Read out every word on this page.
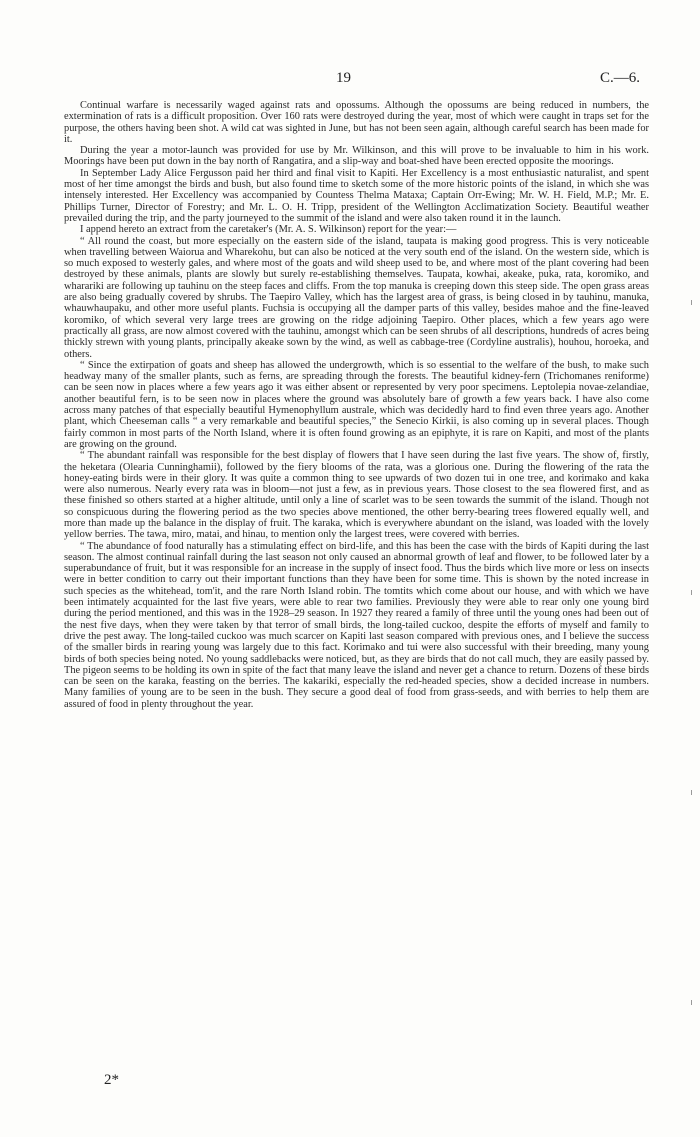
19	C.—6.

Continual warfare is necessarily waged against rats and opossums. Although the opossums are being reduced in numbers, the extermination of rats is a difficult proposition. Over 160 rats were destroyed during the year, most of which were caught in traps set for the purpose, the others having been shot. A wild cat was sighted in June, but has not been seen again, although careful search has been made for it.

During the year a motor-launch was provided for use by Mr. Wilkinson, and this will prove to be invaluable to him in his work. Moorings have been put down in the bay north of Rangatira, and a slip-way and boat-shed have been erected opposite the moorings.

In September Lady Alice Fergusson paid her third and final visit to Kapiti. Her Excellency is a most enthusiastic naturalist, and spent most of her time amongst the birds and bush, but also found time to sketch some of the more historic points of the island, in which she was intensely interested. Her Excellency was accompanied by Countess Thelma Mataxa; Captain Orr-Ewing; Mr. W. H. Field, M.P.; Mr. E. Phillips Turner, Director of Forestry; and Mr. L. O. H. Tripp, president of the Wellington Acclimatization Society. Beautiful weather prevailed during the trip, and the party journeyed to the summit of the island and were also taken round it in the launch.

I append hereto an extract from the caretaker's (Mr. A. S. Wilkinson) report for the year:—

“ All round the coast, but more especially on the eastern side of the island, taupata is making good progress. This is very noticeable when travelling between Waiorua and Wharekohu, but can also be noticed at the very south end of the island. On the western side, which is so much exposed to westerly gales, and where most of the goats and wild sheep used to be, and where most of the plant covering had been destroyed by these animals, plants are slowly but surely re-establishing themselves. Taupata, kowhai, akeake, puka, rata, koromiko, and wharariki are following up tauhinu on the steep faces and cliffs. From the top manuka is creeping down this steep side. The open grass areas are also being gradually covered by shrubs. The Taepiro Valley, which has the largest area of grass, is being closed in by tauhinu, manuka, whauwhaupaku, and other more useful plants. Fuchsia is occupying all the damper parts of this valley, besides mahoe and the fine-leaved koromiko, of which several very large trees are growing on the ridge adjoining Taepiro. Other places, which a few years ago were practically all grass, are now almost covered with the tauhinu, amongst which can be seen shrubs of all descriptions, hundreds of acres being thickly strewn with young plants, principally akeake sown by the wind, as well as cabbage-tree (Cordyline australis), houhou, horoeka, and others.

“ Since the extirpation of goats and sheep has allowed the undergrowth, which is so essential to the welfare of the bush, to make such headway many of the smaller plants, such as ferns, are spreading through the forests. The beautiful kidney-fern (Trichomanes reniforme) can be seen now in places where a few years ago it was either absent or represented by very poor specimens. Leptolepia novae-zelandiae, another beautiful fern, is to be seen now in places where the ground was absolutely bare of growth a few years back. I have also come across many patches of that especially beautiful Hymenophyllum australe, which was decidedly hard to find even three years ago. Another plant, which Cheeseman calls “ a very remarkable and beautiful species,” the Senecio Kirkii, is also coming up in several places. Though fairly common in most parts of the North Island, where it is often found growing as an epiphyte, it is rare on Kapiti, and most of the plants are growing on the ground.

“ The abundant rainfall was responsible for the best display of flowers that I have seen during the last five years. The show of, firstly, the heketara (Olearia Cunninghamii), followed by the fiery blooms of the rata, was a glorious one. During the flowering of the rata the honey-eating birds were in their glory. It was quite a common thing to see upwards of two dozen tui in one tree, and korimako and kaka were also numerous. Nearly every rata was in bloom—not just a few, as in previous years. Those closest to the sea flowered first, and as these finished so others started at a higher altitude, until only a line of scarlet was to be seen towards the summit of the island. Though not so conspicuous during the flowering period as the two species above mentioned, the other berry-bearing trees flowered equally well, and more than made up the balance in the display of fruit. The karaka, which is everywhere abundant on the island, was loaded with the lovely yellow berries. The tawa, miro, matai, and hinau, to mention only the largest trees, were covered with berries.

“ The abundance of food naturally has a stimulating effect on bird-life, and this has been the case with the birds of Kapiti during the last season. The almost continual rainfall during the last season not only caused an abnormal growth of leaf and flower, to be followed later by a superabundance of fruit, but it was responsible for an increase in the supply of insect food. Thus the birds which live more or less on insects were in better condition to carry out their important functions than they have been for some time. This is shown by the noted increase in such species as the whitehead, tom'it, and the rare North Island robin. The tomtits which come about our house, and with which we have been intimately acquainted for the last five years, were able to rear two families. Previously they were able to rear only one young bird during the period mentioned, and this was in the 1928–29 season. In 1927 they reared a family of three until the young ones had been out of the nest five days, when they were taken by that terror of small birds, the long-tailed cuckoo, despite the efforts of myself and family to drive the pest away. The long-tailed cuckoo was much scarcer on Kapiti last season compared with previous ones, and I believe the success of the smaller birds in rearing young was largely due to this fact. Korimako and tui were also successful with their breeding, many young birds of both species being noted. No young saddlebacks were noticed, but, as they are birds that do not call much, they are easily passed by. The pigeon seems to be holding its own in spite of the fact that many leave the island and never get a chance to return. Dozens of these birds can be seen on the karaka, feasting on the berries. The kakariki, especially the red-headed species, show a decided increase in numbers. Many families of young are to be seen in the bush. They secure a good deal of food from grass-seeds, and with berries to help them are assured of food in plenty throughout the year.

2*
